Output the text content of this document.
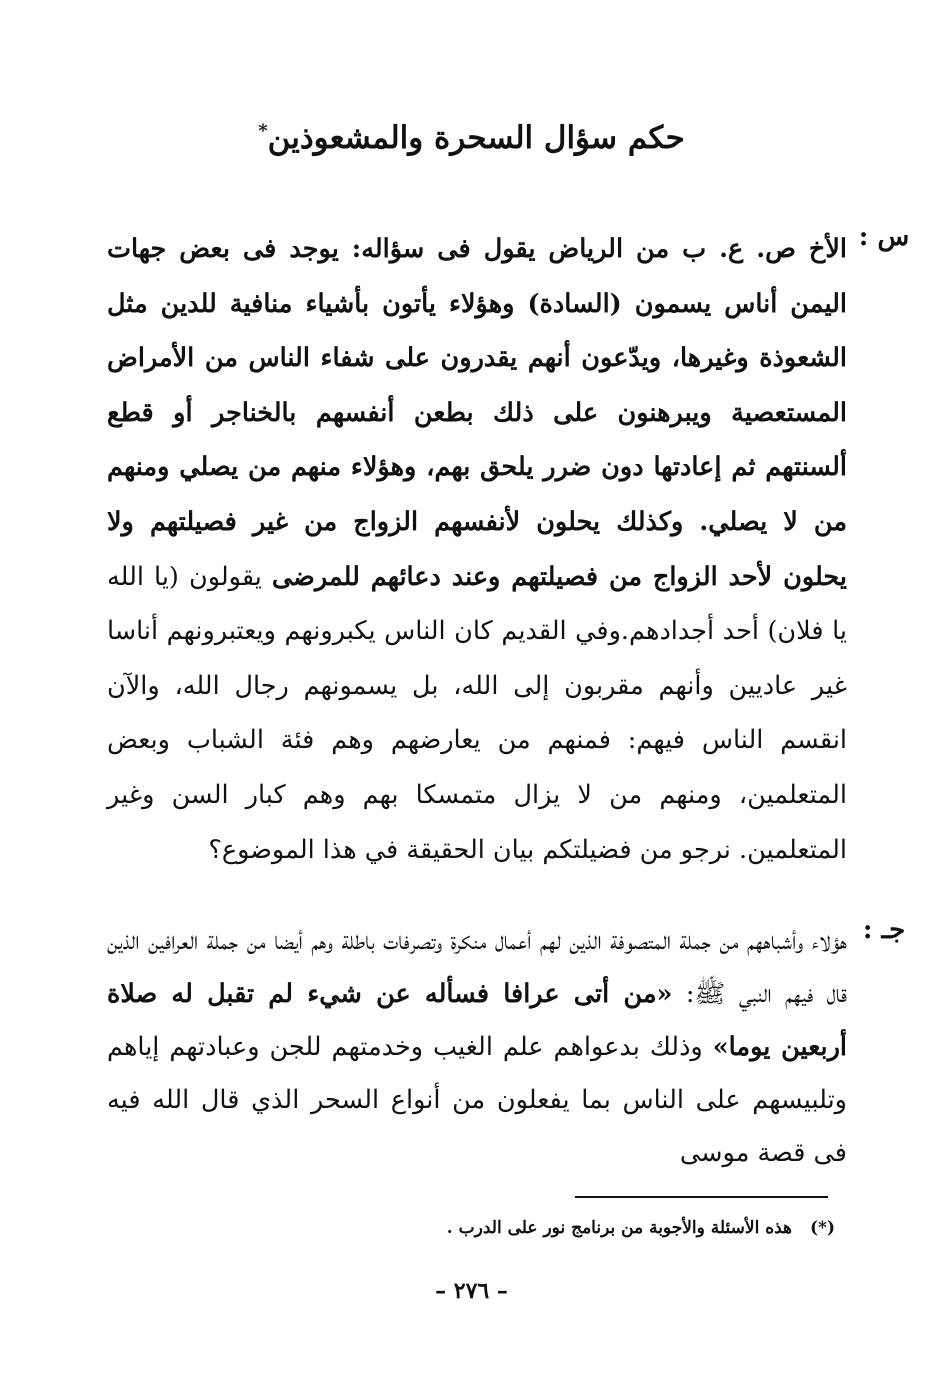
حكم سؤال السحرة والمشعوذين*
س :
الأخ ص. ع. ب من الرياض يقول فى سؤاله: يوجد فى بعض جهات اليمن أناس يسمون (السادة) وهؤلاء يأتون بأشياء منافية للدين مثل الشعوذة وغيرها، ويدّعون أنهم يقدرون على شفاء الناس من الأمراض المستعصية ويبرهنون على ذلك بطعن أنفسهم بالخناجر أو قطع ألسنتهم ثم إعادتها دون ضرر يلحق بهم، وهؤلاء منهم من يصلي ومنهم من لا يصلي. وكذلك يحلون لأنفسهم الزواج من غير فصيلتهم ولا يحلون لأحد الزواج من فصيلتهم وعند دعائهم للمرضى يقولون (يا الله يا فلان) أحد أجدادهم.وفي القديم كان الناس يكبرونهم ويعتبرونهم أناسا غير عاديين وأنهم مقربون إلى الله، بل يسمونهم رجال الله، والآن انقسم الناس فيهم: فمنهم من يعارضهم وهم فئة الشباب وبعض المتعلمين، ومنهم من لا يزال متمسكا بهم وهم كبار السن وغير المتعلمين. نرجو من فضيلتكم بيان الحقيقة في هذا الموضوع؟
جـ :
هؤلاء وأشباههم من جملة المتصوفة الذين لهم أعمال منكرة وتصرفات باطلة وهم أيضا من جملة العرافين الذين قال فيهم النبي ﷺ: «من أتى عرافا فسأله عن شيء لم تقبل له صلاة أربعين يوما» وذلك بدعواهم علم الغيب وخدمتهم للجن وعبادتهم إياهم وتلبيسهم على الناس بما يفعلون من أنواع السحر الذي قال الله فيه فى قصة موسى
(*)هذه الأسئلة والأجوبة من برنامج نور على الدرب .
– ٢٧٦ –
